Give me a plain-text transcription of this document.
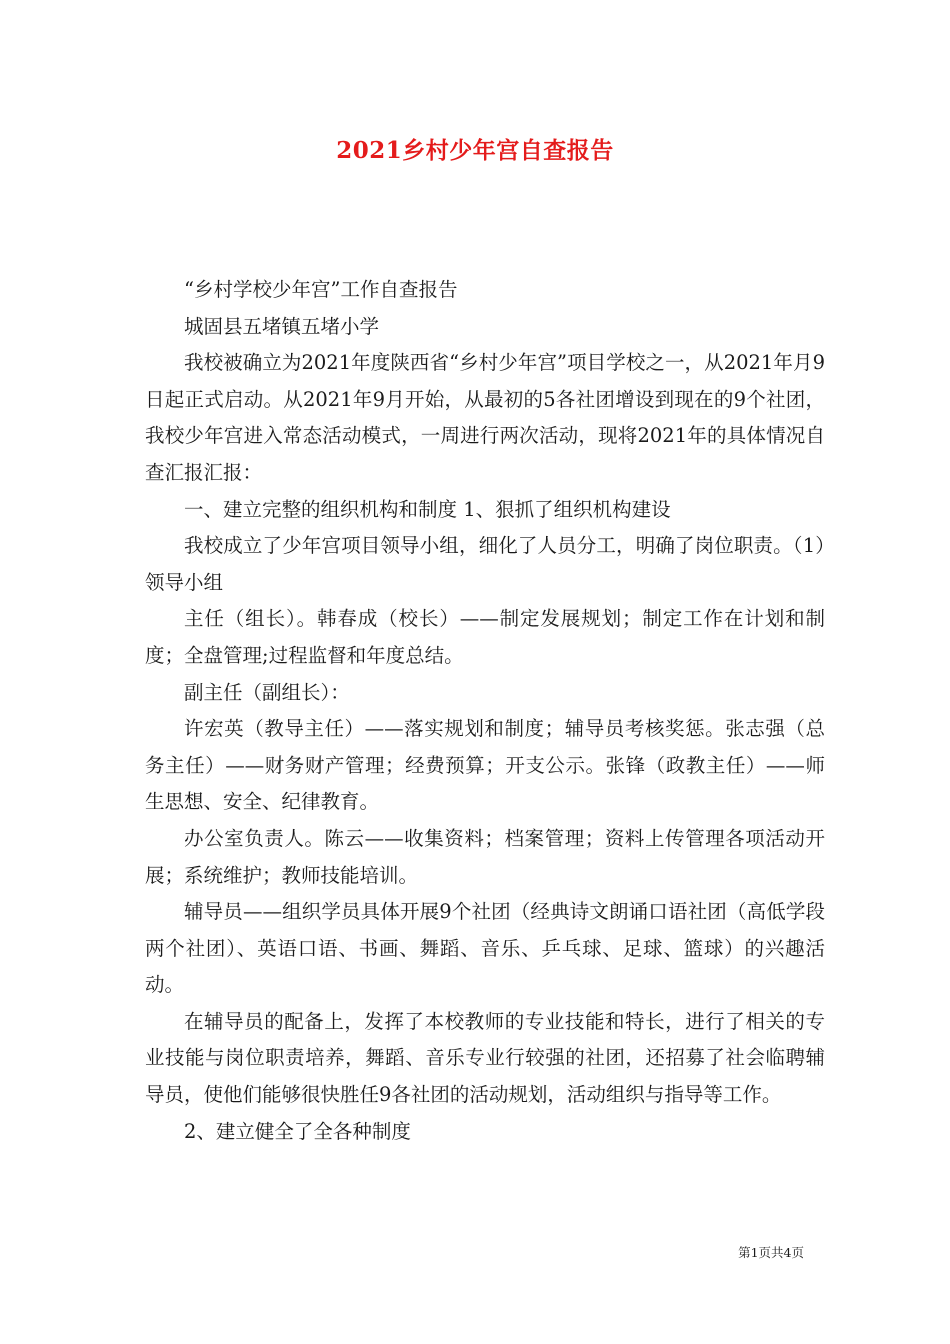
2021乡村少年宫自查报告

“乡村学校少年宫”工作自查报告

城固县五堵镇五堵小学

我校被确立为2021年度陕西省“乡村少年宫”项目学校之一，从2021年月9日起正式启动。从2021年9月开始，从最初的5各社团增设到现在的9个社团，我校少年宫进入常态活动模式，一周进行两次活动，现将2021年的具体情况自查汇报汇报：

一、建立完整的组织机构和制度 1、狠抓了组织机构建设

我校成立了少年宫项目领导小组，细化了人员分工，明确了岗位职责。（1）领导小组

主任（组长）。韩春成（校长）——制定发展规划；制定工作在计划和制度；全盘管理;过程监督和年度总结。

副主任（副组长）：

许宏英（教导主任）——落实规划和制度；辅导员考核奖惩。张志强（总务主任）——财务财产管理；经费预算；开支公示。张锋（政教主任）——师生思想、安全、纪律教育。

办公室负责人。陈云——收集资料；档案管理；资料上传管理各项活动开展；系统维护；教师技能培训。

辅导员——组织学员具体开展9个社团（经典诗文朗诵口语社团（高低学段两个社团）、英语口语、书画、舞蹈、音乐、乒乓球、足球、篮球）的兴趣活动。

在辅导员的配备上，发挥了本校教师的专业技能和特长，进行了相关的专业技能与岗位职责培养，舞蹈、音乐专业行较强的社团，还招募了社会临聘辅导员，使他们能够很快胜任9各社团的活动规划，活动组织与指导等工作。

2、建立健全了全各种制度

第1页共4页
